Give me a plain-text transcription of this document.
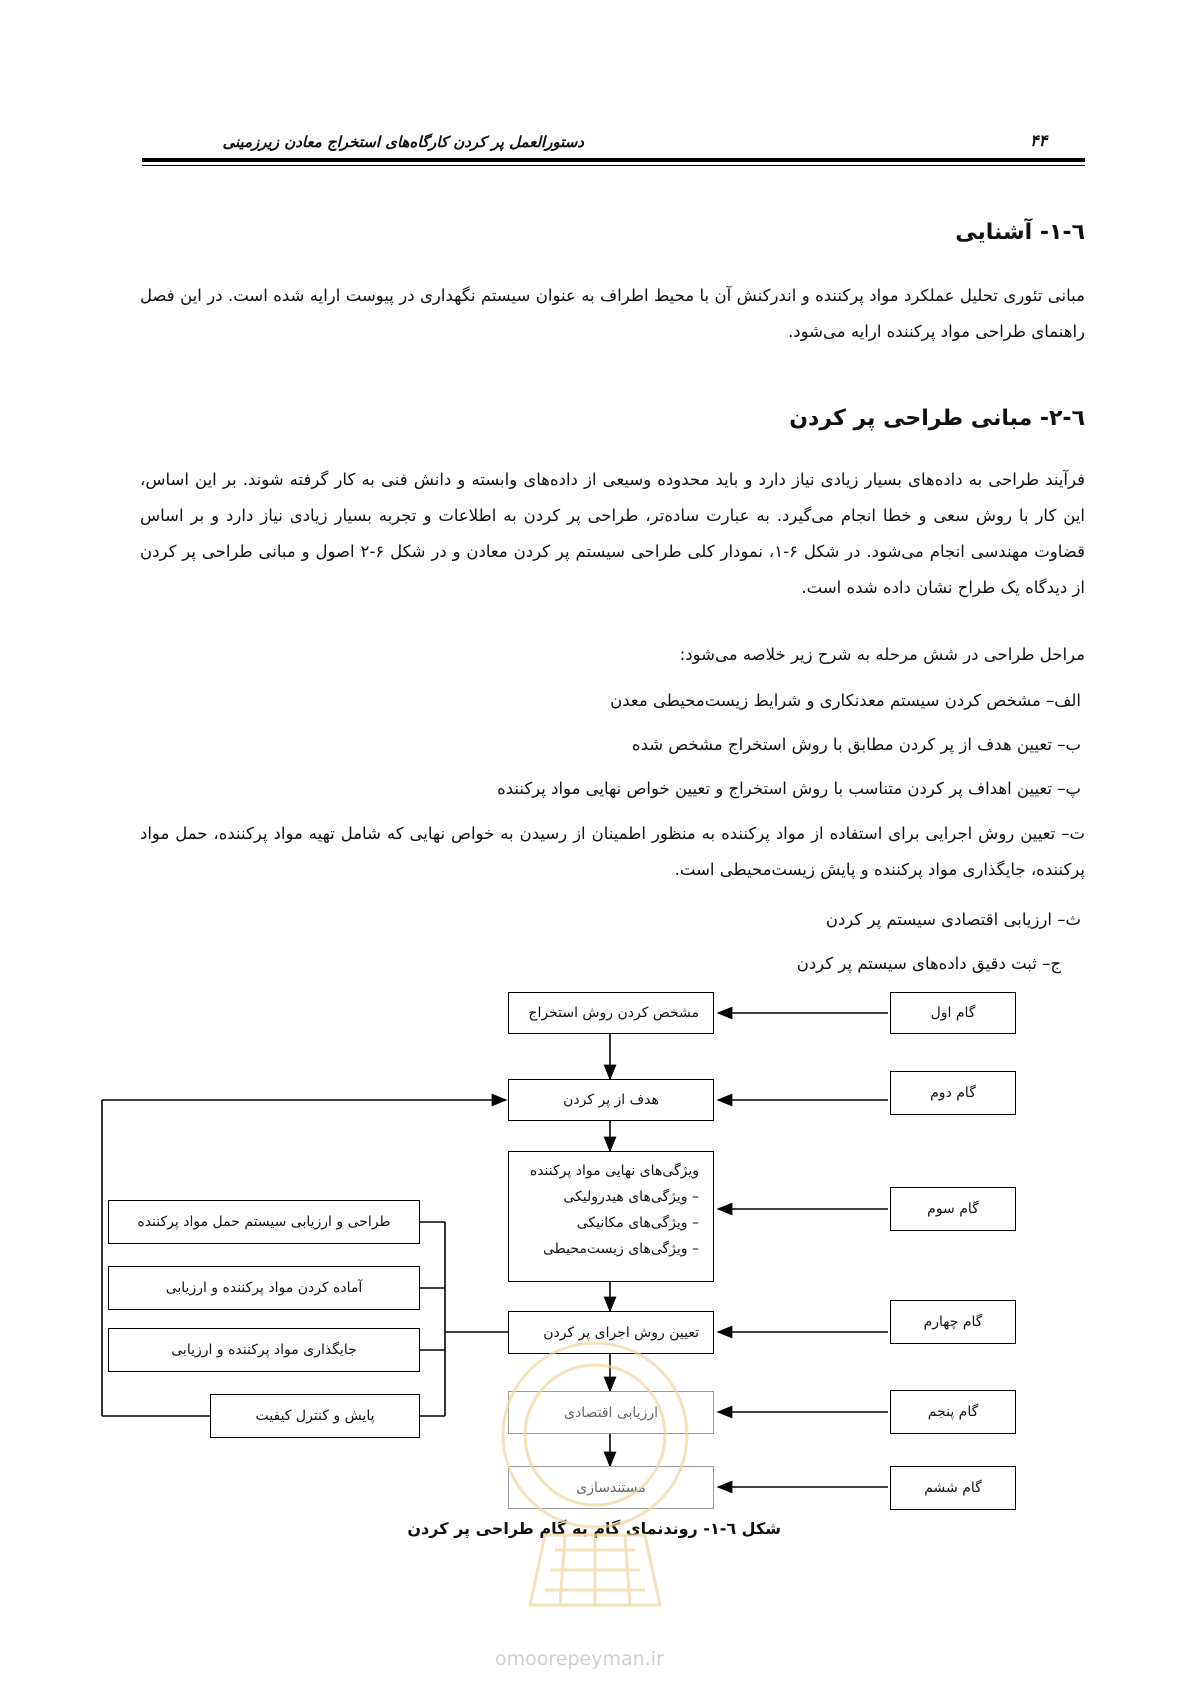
دستورالعمل پر کردن کارگاه‌های استخراج معادن زیرزمینی	۴۴
٦-١- آشنایی
مبانی تئوری تحلیل عملکرد مواد پرکننده و اندرکنش آن با محیط اطراف به عنوان سیستم نگهداری در پیوست ارایه شده است. در این فصل راهنمای طراحی مواد پرکننده ارایه می‌شود.
٦-٢- مبانی طراحی پر کردن
فرآیند طراحی به داده‌های بسیار زیادی نیاز دارد و باید محدوده وسیعی از داده‌های وابسته و دانش فنی به کار گرفته شوند. بر این اساس، این کار با روش سعی و خطا انجام می‌گیرد. به عبارت ساده‌تر، طراحی پر کردن به اطلاعات و تجربه بسیار زیادی نیاز دارد و بر اساس قضاوت مهندسی انجام می‌شود. در شکل ۶-۱، نمودار کلی طراحی سیستم پر کردن معادن و در شکل ۶-۲ اصول و مبانی طراحی پر کردن از دیدگاه یک طراح نشان داده شده است.
مراحل طراحی در شش مرحله به شرح زیر خلاصه می‌شود:
الف– مشخص کردن سیستم معدنکاری و شرایط زیست‌محیطی معدن
ب– تعیین هدف از پر کردن مطابق با روش استخراج مشخص شده
پ– تعیین اهداف پر کردن متناسب با روش استخراج و تعیین خواص نهایی مواد پرکننده
ت– تعیین روش اجرایی برای استفاده از مواد پرکننده به منظور اطمینان از رسیدن به خواص نهایی که شامل تهیه مواد پرکننده، حمل مواد پرکننده، جایگذاری مواد پرکننده و پایش زیست‌محیطی است.
ث– ارزیابی اقتصادی سیستم پر کردن
ج– ثبت دقیق داده‌های سیستم پر کردن
گام اول
گام دوم
گام سوم
گام چهارم
گام پنجم
گام ششم
مشخص کردن روش استخراج
هدف از پر کردن
ویژگی‌های نهایی مواد پرکننده
– ویژگی‌های هیدرولیکی
– ویژگی‌های مکانیکی
– ویژگی‌های زیست‌محیطی
تعیین روش اجرای پر کردن
ارزیابی اقتصادی
مستندسازی
طراحی و ارزیابی سیستم حمل مواد پرکننده
آماده کردن مواد پرکننده و ارزیابی
جایگذاری مواد پرکننده و ارزیابی
پایش و کنترل کیفیت
شکل ٦-١- روندنمای گام به گام طراحی پر کردن
omoorepeyman.ir
